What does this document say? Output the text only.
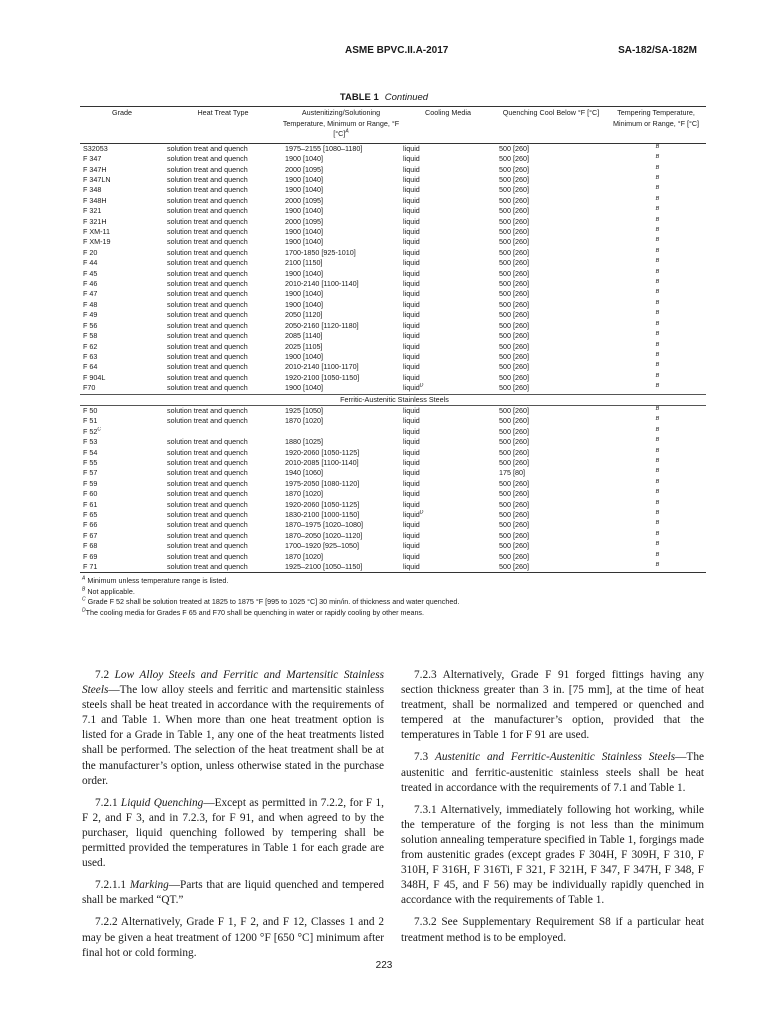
ASME BPVC.II.A-2017	SA-182/SA-182M
TABLE 1 Continued
Grade	Heat Treat Type	Austenitizing/Solutioning Temperature, Minimum or Range, °F $[^\circ C]^A$	Cooling Media	Quenching Cool Below °F [°C]	Tempering Temperature, Minimum or Range, °F [°C]
S32053	solution treat and quench	1975–2155 [1080–1180]	liquid	500 [260]	B
F 347	solution treat and quench	1900 [1040]	liquid	500 [260]	B
F 347H	solution treat and quench	2000 [1095]	liquid	500 [260]	B
F 347LN	solution treat and quench	1900 [1040]	liquid	500 [260]	B
F 348	solution treat and quench	1900 [1040]	liquid	500 [260]	B
F 348H	solution treat and quench	2000 [1095]	liquid	500 [260]	B
F 321	solution treat and quench	1900 [1040]	liquid	500 [260]	B
F 321H	solution treat and quench	2000 [1095]	liquid	500 [260]	B
F XM-11	solution treat and quench	1900 [1040]	liquid	500 [260]	B
F XM-19	solution treat and quench	1900 [1040]	liquid	500 [260]	B
F 20	solution treat and quench	1700-1850 [925-1010]	liquid	500 [260]	B
F 44	solution treat and quench	2100 [1150]	liquid	500 [260]	B
F 45	solution treat and quench	1900 [1040]	liquid	500 [260]	B
F 46	solution treat and quench	2010-2140 [1100-1140]	liquid	500 [260]	B
F 47	solution treat and quench	1900 [1040]	liquid	500 [260]	B
F 48	solution treat and quench	1900 [1040]	liquid	500 [260]	B
F 49	solution treat and quench	2050 [1120]	liquid	500 [260]	B
F 56	solution treat and quench	2050-2160 [1120-1180]	liquid	500 [260]	B
F 58	solution treat and quench	2085 [1140]	liquid	500 [260]	B
F 62	solution treat and quench	2025 [1105]	liquid	500 [260]	B
F 63	solution treat and quench	1900 [1040]	liquid	500 [260]	B
F 64	solution treat and quench	2010-2140 [1100-1170]	liquid	500 [260]	B
F 904L	solution treat and quench	1920-2100 [1050-1150]	liquid	500 [260]	B
F70	solution treat and quench	1900 [1040]	liquid$^D$	500 [260]	B
Ferritic-Austenitic Stainless Steels					
F 50	solution treat and quench	1925 [1050]	liquid	500 [260]	B
F 51	solution treat and quench	1870 [1020]	liquid	500 [260]	B
F $52^C$			liquid	500 [260]	B
F 53	solution treat and quench	1880 [1025]	liquid	500 [260]	B
F 54	solution treat and quench	1920-2060 [1050-1125]	liquid	500 [260]	B
F 55	solution treat and quench	2010-2085 [1100-1140]	liquid	500 [260]	B
F 57	solution treat and quench	1940 [1060]	liquid	175 [80]	B
F 59	solution treat and quench	1975-2050 [1080-1120]	liquid	500 [260]	B
F 60	solution treat and quench	1870 [1020]	liquid	500 [260]	B
F 61	solution treat and quench	1920-2060 [1050-1125]	liquid	500 [260]	B
F 65	solution treat and quench	1830-2100 [1000-1150]	liquid$^D$	500 [260]	B
F 66	solution treat and quench	1870–1975 [1020–1080]	liquid	500 [260]	B
F 67	solution treat and quench	1870–2050 [1020–1120]	liquid	500 [260]	B
F 68	solution treat and quench	1700–1920 [925–1050]	liquid	500 [260]	B
F 69	solution treat and quench	1870 [1020]	liquid	500 [260]	B
F 71	solution treat and quench	1925–2100 [1050–1150]	liquid	500 [260]	B
$^A$ Minimum unless temperature range is listed.
$^B$ Not applicable.
$^C$ Grade F 52 shall be solution treated at 1825 to 1875 °F [995 to 1025 °C] 30 min/in. of thickness and water quenched.
$^D$The cooling media for Grades F 65 and F70 shall be quenching in water or rapidly cooling by other means.

7.2 Low Alloy Steels and Ferritic and Martensitic Stainless Steels—The low alloy steels and ferritic and martensitic stainless steels shall be heat treated in accordance with the requirements of 7.1 and Table 1. When more than one heat treatment option is listed for a Grade in Table 1, any one of the heat treatments listed shall be performed. The selection of the heat treatment shall be at the manufacturer’s option, unless otherwise stated in the purchase order.

7.2.1 Liquid Quenching—Except as permitted in 7.2.2, for F 1, F 2, and F 3, and in 7.2.3, for F 91, and when agreed to by the purchaser, liquid quenching followed by tempering shall be permitted provided the temperatures in Table 1 for each grade are used.

7.2.1.1 Marking—Parts that are liquid quenched and tempered shall be marked “QT.”

7.2.2 Alternatively, Grade F 1, F 2, and F 12, Classes 1 and 2 may be given a heat treatment of 1200 °F [650 °C] minimum after final hot or cold forming.

7.2.3 Alternatively, Grade F 91 forged fittings having any section thickness greater than 3 in. [75 mm], at the time of heat treatment, shall be normalized and tempered or quenched and tempered at the manufacturer’s option, provided that the temperatures in Table 1 for F 91 are used.

7.3 Austenitic and Ferritic-Austenitic Stainless Steels—The austenitic and ferritic-austenitic stainless steels shall be heat treated in accordance with the requirements of 7.1 and Table 1.

7.3.1 Alternatively, immediately following hot working, while the temperature of the forging is not less than the minimum solution annealing temperature specified in Table 1, forgings made from austenitic grades (except grades F 304H, F 309H, F 310, F 310H, F 316H, F 316Ti, F 321, F 321H, F 347, F 347H, F 348, F 348H, F 45, and F 56) may be individually rapidly quenched in accordance with the requirements of Table 1.

7.3.2 See Supplementary Requirement S8 if a particular heat treatment method is to be employed.

223
